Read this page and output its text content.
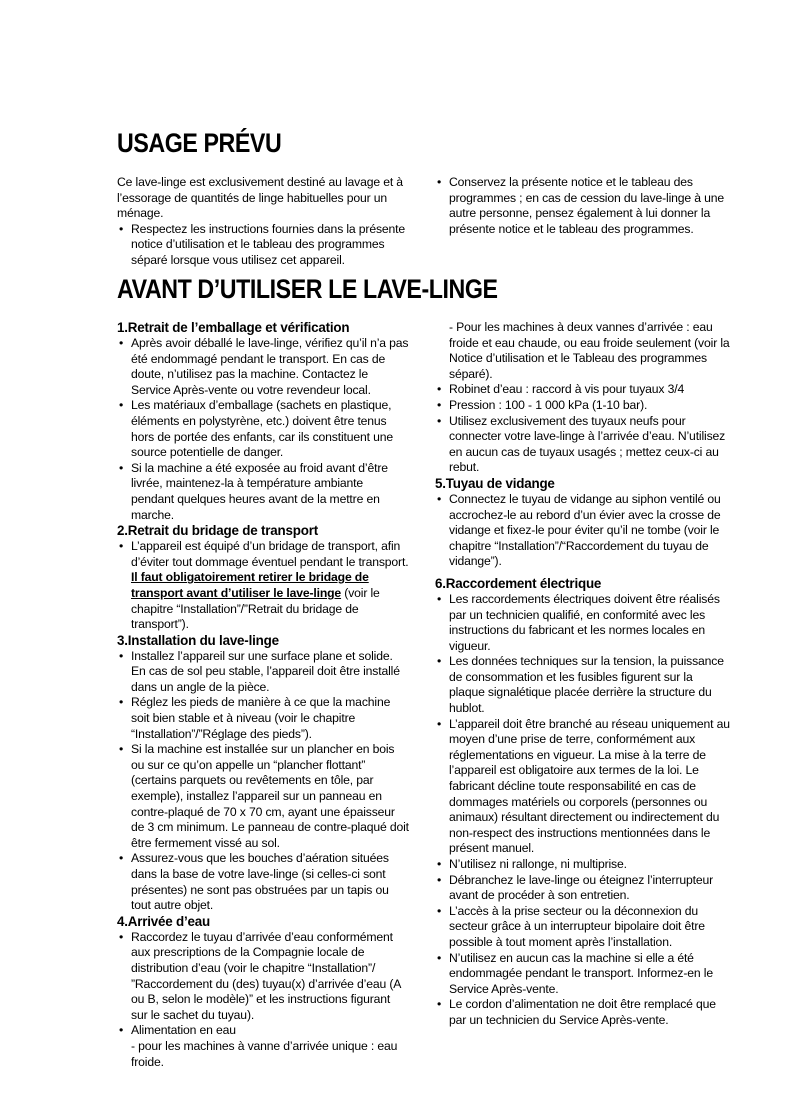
USAGE PRÉVU

Ce lave-linge est exclusivement destiné au lavage et à l’essorage de quantités de linge habituelles pour un ménage.

• Respectez les instructions fournies dans la présente notice d’utilisation et le tableau des programmes séparé lorsque vous utilisez cet appareil.
• Conservez la présente notice et le tableau des programmes ; en cas de cession du lave-linge à une autre personne, pensez également à lui donner la présente notice et le tableau des programmes.
AVANT D’UTILISER LE LAVE-LINGE

1.Retrait de l’emballage et vérification

• Après avoir déballé le lave-linge, vérifiez qu’il n’a pas été endommagé pendant le transport. En cas de doute, n’utilisez pas la machine. Contactez le Service Après-vente ou votre revendeur local.
• Les matériaux d’emballage (sachets en plastique, éléments en polystyrène, etc.) doivent être tenus hors de portée des enfants, car ils constituent une source potentielle de danger.
• Si la machine a été exposée au froid avant d’être livrée, maintenez-la à température ambiante pendant quelques heures avant de la mettre en marche.

2.Retrait du bridage de transport

• L’appareil est équipé d’un bridage de transport, afin d’éviter tout dommage éventuel pendant le transport. Il faut obligatoirement retirer le bridage de transport avant d’utiliser le lave-linge (voir le chapitre “Installation”/”Retrait du bridage de transport”).

3.Installation du lave-linge

• Installez l’appareil sur une surface plane et solide. En cas de sol peu stable, l’appareil doit être installé dans un angle de la pièce.
• Réglez les pieds de manière à ce que la machine soit bien stable et à niveau (voir le chapitre “Installation”/”Réglage des pieds”).
• Si la machine est installée sur un plancher en bois ou sur ce qu’on appelle un “plancher flottant” (certains parquets ou revêtements en tôle, par exemple), installez l’appareil sur un panneau en contre-plaqué de 70 x 70 cm, ayant une épaisseur de 3 cm minimum. Le panneau de contre-plaqué doit être fermement vissé au sol.
• Assurez-vous que les bouches d’aération situées dans la base de votre lave-linge (si celles-ci sont présentes) ne sont pas obstruées par un tapis ou tout autre objet.

4.Arrivée d’eau

• Raccordez le tuyau d’arrivée d’eau conformément aux prescriptions de la Compagnie locale de distribution d’eau (voir le chapitre “Installation”/ ”Raccordement du (des) tuyau(x) d’arrivée d’eau (A ou B, selon le modèle)” et les instructions figurant sur le sachet du tuyau).
• Alimentation en eau
- pour les machines à vanne d’arrivée unique : eau froide.
- Pour les machines à deux vannes d’arrivée : eau froide et eau chaude, ou eau froide seulement (voir la Notice d’utilisation et le Tableau des programmes séparé).
• Robinet d’eau : raccord à vis pour tuyaux 3/4
• Pression : 100 - 1 000 kPa (1-10 bar).
• Utilisez exclusivement des tuyaux neufs pour connecter votre lave-linge à l’arrivée d’eau. N’utilisez en aucun cas de tuyaux usagés ; mettez ceux-ci au rebut.

5.Tuyau de vidange

• Connectez le tuyau de vidange au siphon ventilé ou accrochez-le au rebord d’un évier avec la crosse de vidange et fixez-le pour éviter qu’il ne tombe (voir le chapitre “Installation”/“Raccordement du tuyau de vidange”).

6.Raccordement électrique

• Les raccordements électriques doivent être réalisés par un technicien qualifié, en conformité avec les instructions du fabricant et les normes locales en vigueur.
• Les données techniques sur la tension, la puissance de consommation et les fusibles figurent sur la plaque signalétique placée derrière la structure du hublot.
• L’appareil doit être branché au réseau uniquement au moyen d’une prise de terre, conformément aux réglementations en vigueur. La mise à la terre de l’appareil est obligatoire aux termes de la loi. Le fabricant décline toute responsabilité en cas de dommages matériels ou corporels (personnes ou animaux) résultant directement ou indirectement du non-respect des instructions mentionnées dans le présent manuel.
• N’utilisez ni rallonge, ni multiprise.
• Débranchez le lave-linge ou éteignez l’interrupteur avant de procéder à son entretien.
• L’accès à la prise secteur ou la déconnexion du secteur grâce à un interrupteur bipolaire doit être possible à tout moment après l’installation.
• N’utilisez en aucun cas la machine si elle a été endommagée pendant le transport. Informez-en le Service Après-vente.
• Le cordon d’alimentation ne doit être remplacé que par un technicien du Service Après-vente.
